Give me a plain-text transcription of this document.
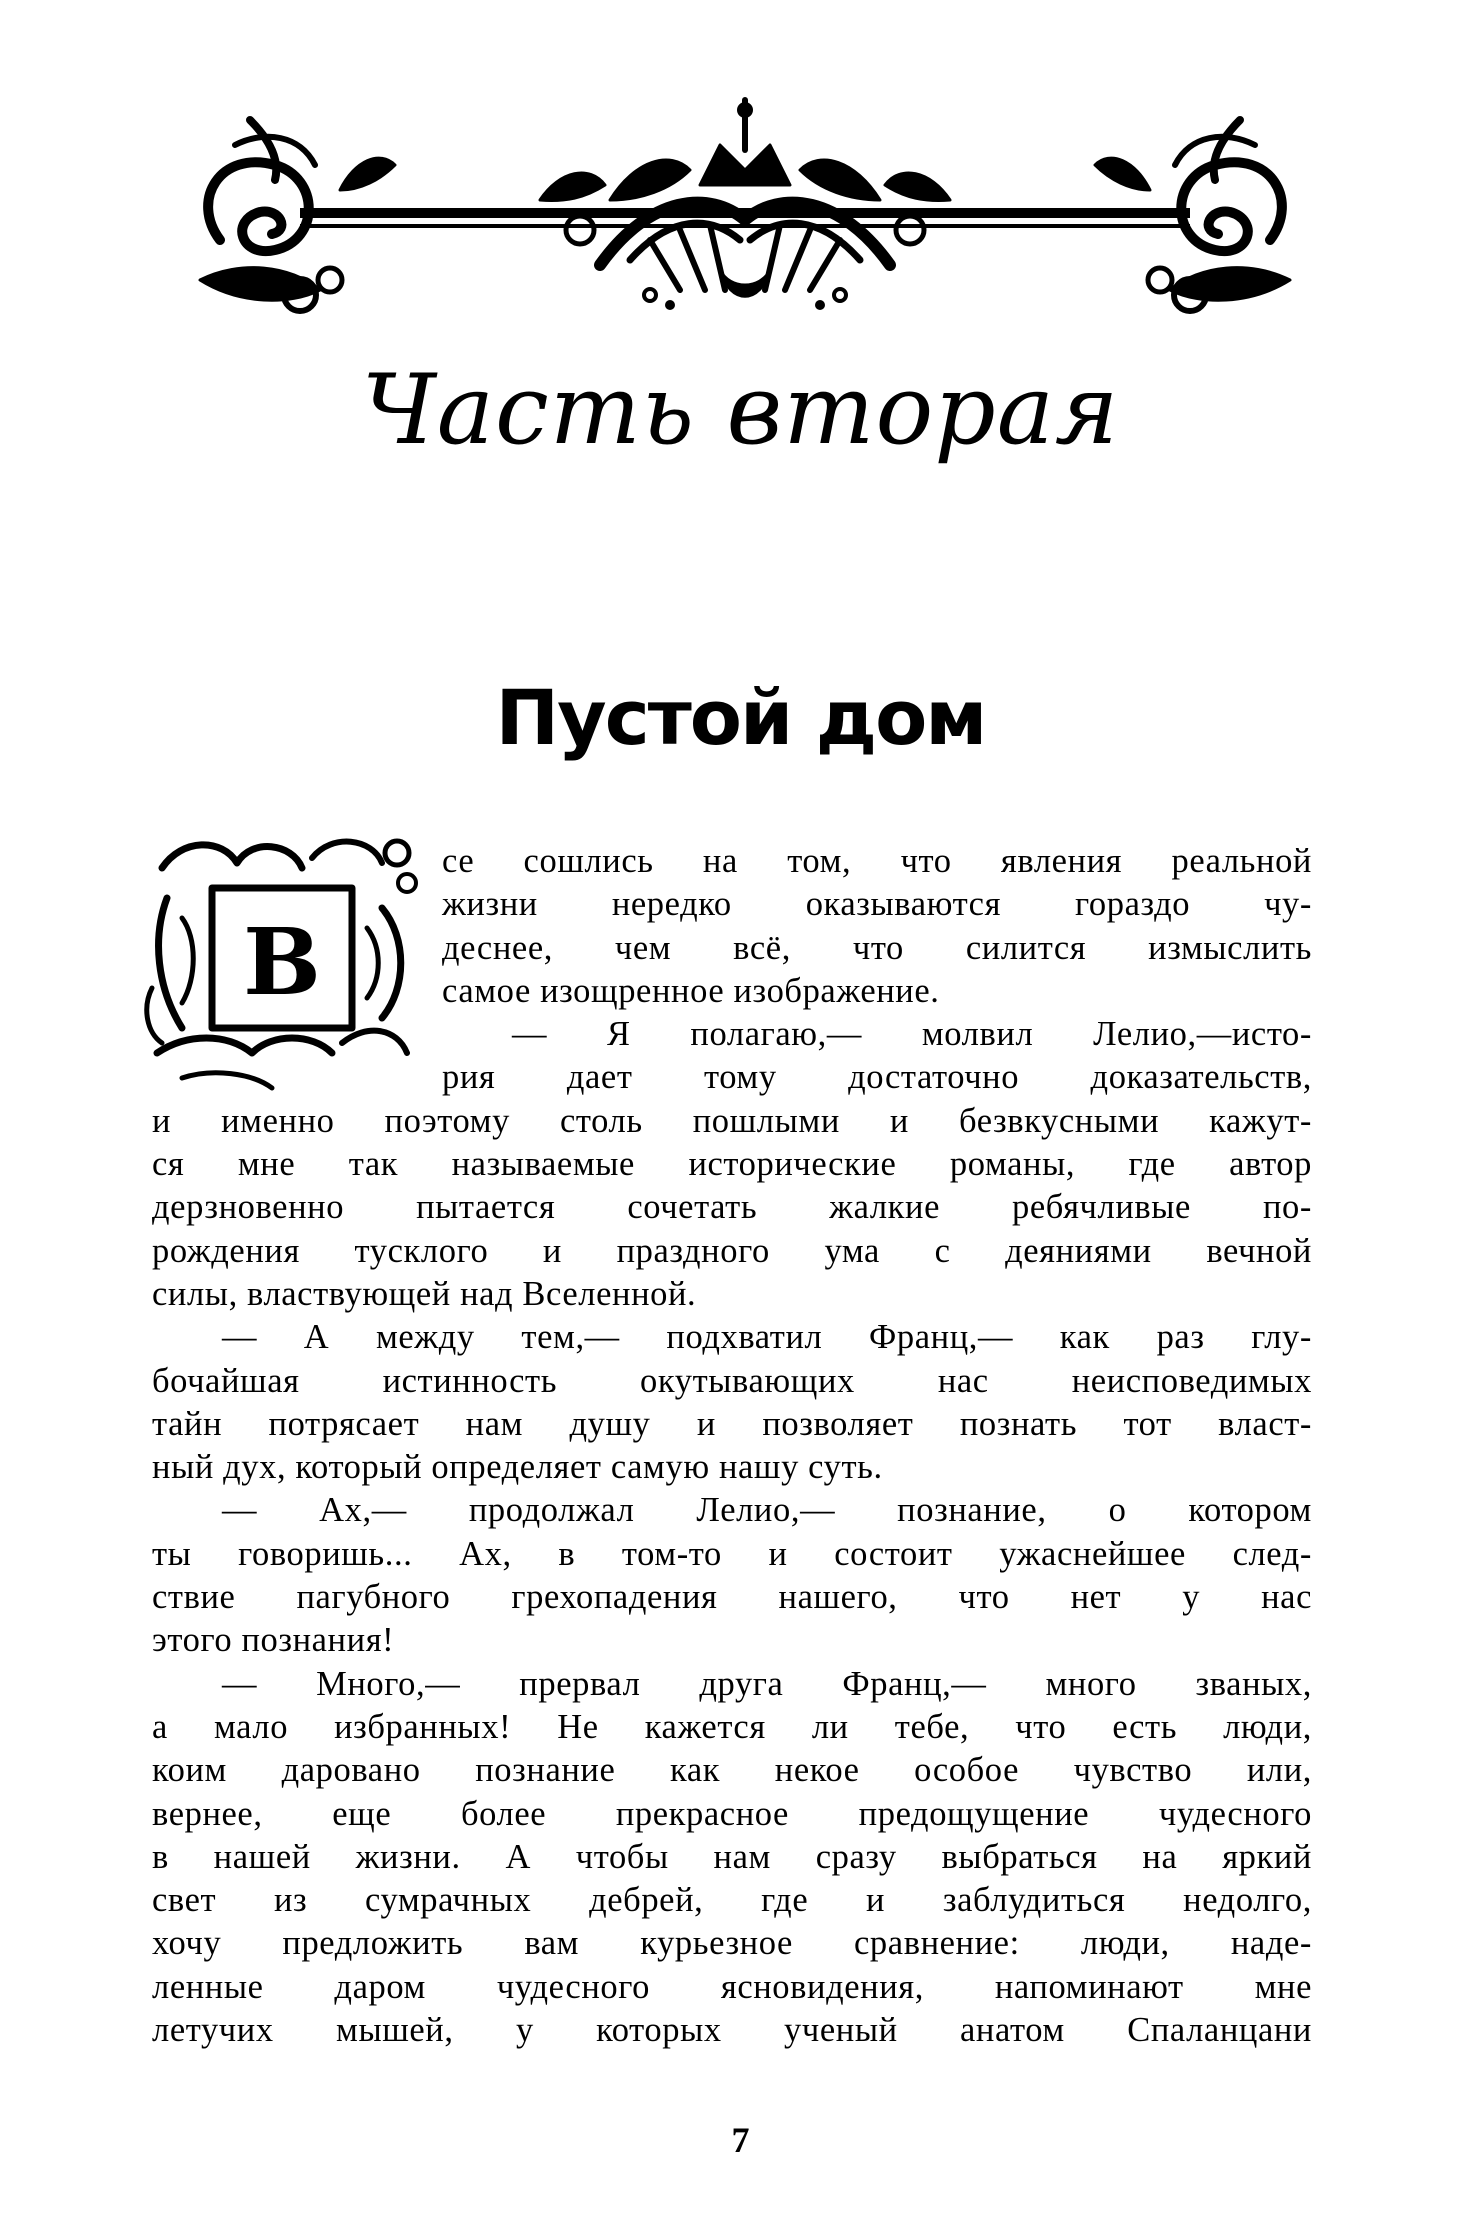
Часть вторая
Пустой дом
В
се сошлись на том, что явления реальной
жизни нередко оказываются гораздо чу-
деснее, чем всё, что силится измыслить
самое изощренное изображение.
— Я полагаю,— молвил Лелио,—исто-
рия дает тому достаточно доказательств,
и именно поэтому столь пошлыми и безвкусными кажут-
ся мне так называемые исторические романы, где автор
дерзновенно пытается сочетать жалкие ребячливые по-
рождения тусклого и праздного ума с деяниями вечной
силы, властвующей над Вселенной.
— А между тем,— подхватил Франц,— как раз глу-
бочайшая истинность окутывающих нас неисповедимых
тайн потрясает нам душу и позволяет познать тот власт-
ный дух, который определяет самую нашу суть.
— Ах,— продолжал Лелио,— познание, о котором
ты говоришь... Ах, в том-то и состоит ужаснейшее след-
ствие пагубного грехопадения нашего, что нет у нас
этого познания!
— Много,— прервал друга Франц,— много званых,
а мало избранных! Не кажется ли тебе, что есть люди,
коим даровано познание как некое особое чувство или,
вернее, еще более прекрасное предощущение чудесного
в нашей жизни. А чтобы нам сразу выбраться на яркий
свет из сумрачных дебрей, где и заблудиться недолго,
хочу предложить вам курьезное сравнение: люди, наде-
ленные даром чудесного ясновидения, напоминают мне
летучих мышей, у которых ученый анатом Спаланцани
7
